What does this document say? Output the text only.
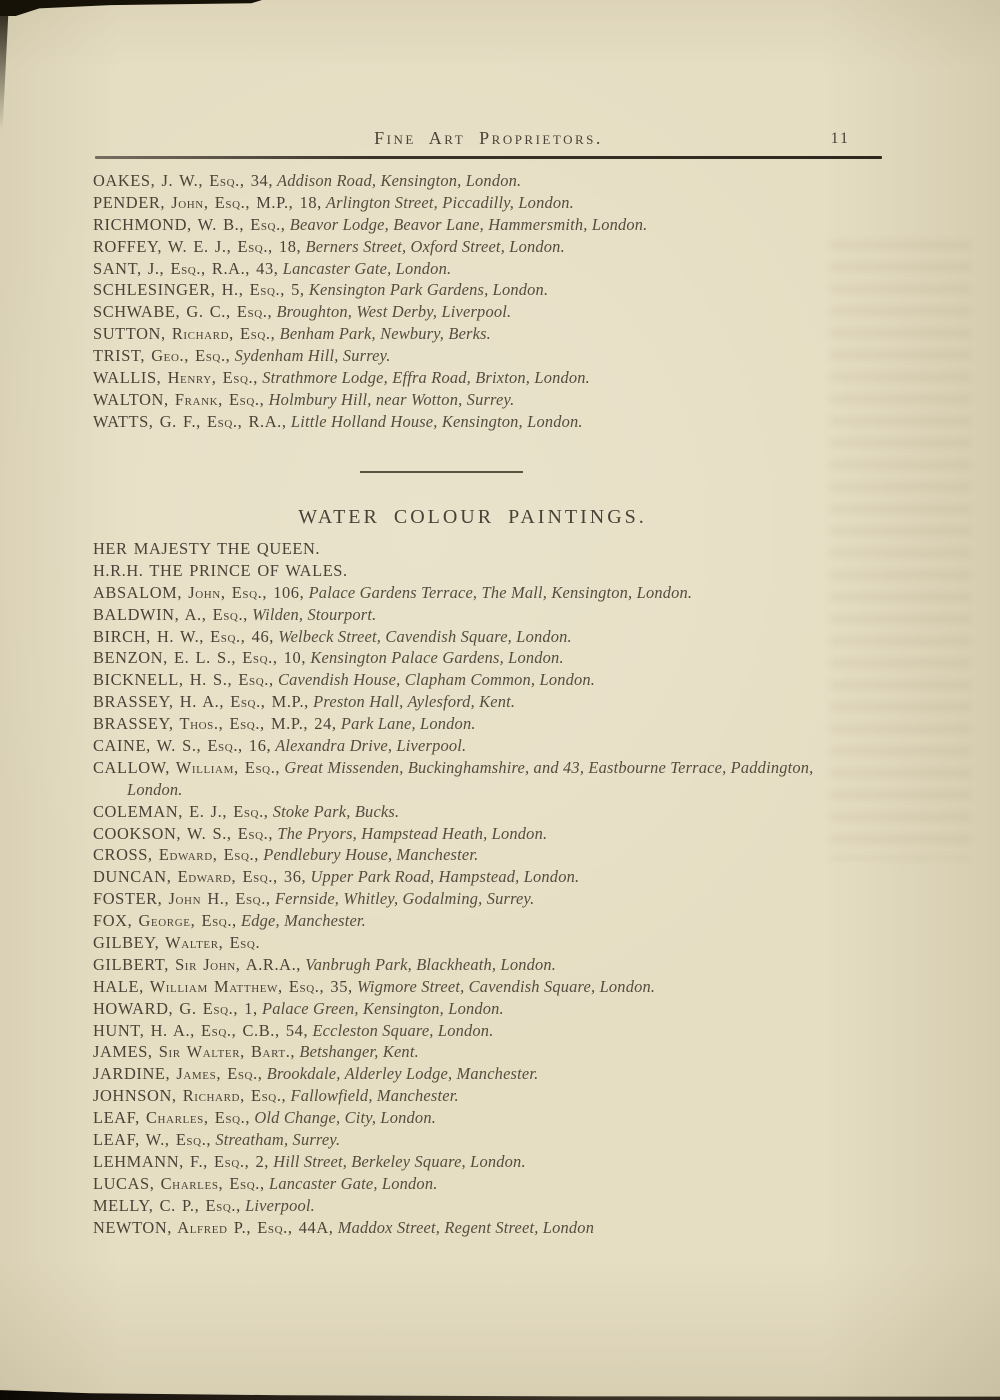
Fine Art Proprietors.	11
OAKES, J. W., Esq., 34, Addison Road, Kensington, London.
PENDER, John, Esq., M.P., 18, Arlington Street, Piccadilly, London.
RICHMOND, W. B., Esq., Beavor Lodge, Beavor Lane, Hammersmith, London.
ROFFEY, W. E. J., Esq., 18, Berners Street, Oxford Street, London.
SANT, J., Esq., R.A., 43, Lancaster Gate, London.
SCHLESINGER, H., Esq., 5, Kensington Park Gardens, London.
SCHWABE, G. C., Esq., Broughton, West Derby, Liverpool.
SUTTON, Richard, Esq., Benham Park, Newbury, Berks.
TRIST, Geo., Esq., Sydenham Hill, Surrey.
WALLIS, Henry, Esq., Strathmore Lodge, Effra Road, Brixton, London.
WALTON, Frank, Esq., Holmbury Hill, near Wotton, Surrey.
WATTS, G. F., Esq., R.A., Little Holland House, Kensington, London.
WATER COLOUR PAINTINGS.
HER MAJESTY THE QUEEN.
H.R.H. THE PRINCE OF WALES.
ABSALOM, John, Esq., 106, Palace Gardens Terrace, The Mall, Kensington, London.
BALDWIN, A., Esq., Wilden, Stourport.
BIRCH, H. W., Esq., 46, Welbeck Street, Cavendish Square, London.
BENZON, E. L. S., Esq., 10, Kensington Palace Gardens, London.
BICKNELL, H. S., Esq., Cavendish House, Clapham Common, London.
BRASSEY, H. A., Esq., M.P., Preston Hall, Aylesford, Kent.
BRASSEY, Thos., Esq., M.P., 24, Park Lane, London.
CAINE, W. S., Esq., 16, Alexandra Drive, Liverpool.
CALLOW, William, Esq., Great Missenden, Buckinghamshire, and 43, Eastbourne Terrace, Paddington,
London.
COLEMAN, E. J., Esq., Stoke Park, Bucks.
COOKSON, W. S., Esq., The Pryors, Hampstead Heath, London.
CROSS, Edward, Esq., Pendlebury House, Manchester.
DUNCAN, Edward, Esq., 36, Upper Park Road, Hampstead, London.
FOSTER, John H., Esq., Fernside, Whitley, Godalming, Surrey.
FOX, George, Esq., Edge, Manchester.
GILBEY, Walter, Esq.
GILBERT, Sir John, A.R.A., Vanbrugh Park, Blackheath, London.
HALE, William Matthew, Esq., 35, Wigmore Street, Cavendish Square, London.
HOWARD, G. Esq., 1, Palace Green, Kensington, London.
HUNT, H. A., Esq., C.B., 54, Eccleston Square, London.
JAMES, Sir Walter, Bart., Betshanger, Kent.
JARDINE, James, Esq., Brookdale, Alderley Lodge, Manchester.
JOHNSON, Richard, Esq., Fallowfield, Manchester.
LEAF, Charles, Esq., Old Change, City, London.
LEAF, W., Esq., Streatham, Surrey.
LEHMANN, F., Esq., 2, Hill Street, Berkeley Square, London.
LUCAS, Charles, Esq., Lancaster Gate, London.
MELLY, C. P., Esq., Liverpool.
NEWTON, Alfred P., Esq., 44A, Maddox Street, Regent Street, London
